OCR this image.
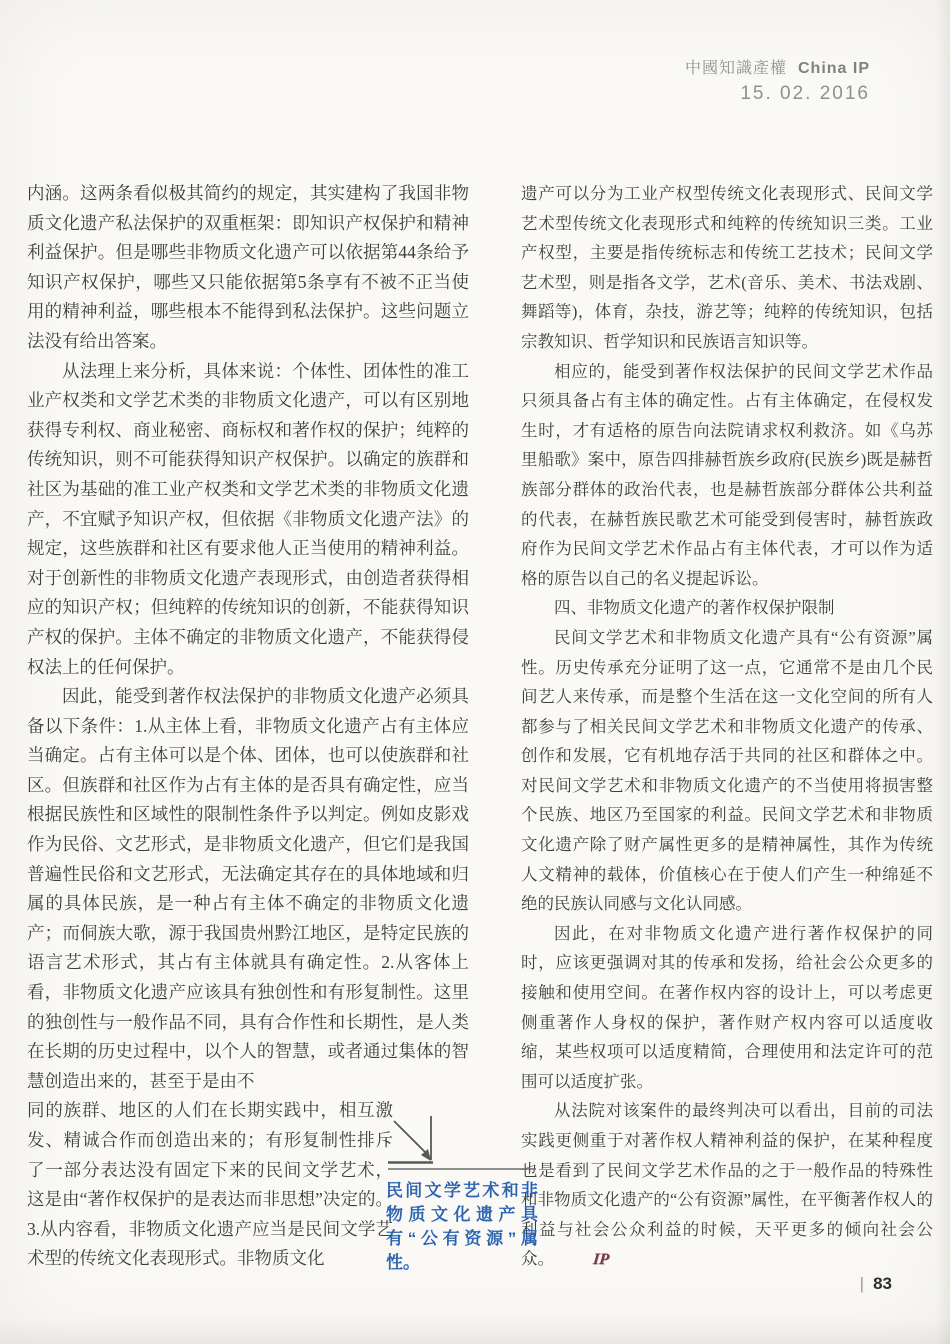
中國知識產權 China IP
15. 02. 2016

内涵。这两条看似极其简约的规定，其实建构了我国非物质文化遗产私法保护的双重框架：即知识产权保护和精神利益保护。但是哪些非物质文化遗产可以依据第44条给予知识产权保护，哪些又只能依据第5条享有不被不正当使用的精神利益，哪些根本不能得到私法保护。这些问题立法没有给出答案。

从法理上来分析，具体来说：个体性、团体性的准工业产权类和文学艺术类的非物质文化遗产，可以有区别地获得专利权、商业秘密、商标权和著作权的保护；纯粹的传统知识，则不可能获得知识产权保护。以确定的族群和社区为基础的准工业产权类和文学艺术类的非物质文化遗产，不宜赋予知识产权，但依据《非物质文化遗产法》的规定，这些族群和社区有要求他人正当使用的精神利益。对于创新性的非物质文化遗产表现形式，由创造者获得相应的知识产权；但纯粹的传统知识的创新，不能获得知识产权的保护。主体不确定的非物质文化遗产，不能获得侵权法上的任何保护。

因此，能受到著作权法保护的非物质文化遗产必须具备以下条件：1.从主体上看，非物质文化遗产占有主体应当确定。占有主体可以是个体、团体，也可以使族群和社区。但族群和社区作为占有主体的是否具有确定性，应当根据民族性和区域性的限制性条件予以判定。例如皮影戏作为民俗、文艺形式，是非物质文化遗产，但它们是我国普遍性民俗和文艺形式，无法确定其存在的具体地域和归属的具体民族，是一种占有主体不确定的非物质文化遗产；而侗族大歌，源于我国贵州黔江地区，是特定民族的语言艺术形式，其占有主体就具有确定性。2.从客体上看，非物质文化遗产应该具有独创性和有形复制性。这里的独创性与一般作品不同，具有合作性和长期性，是人类在长期的历史过程中，以个人的智慧，或者通过集体的智慧创造出来的，甚至于是由不

同的族群、地区的人们在长期实践中，相互激发、精诚合作而创造出来的；有形复制性排斥了一部分表达没有固定下来的民间文学艺术，这是由“著作权保护的是表达而非思想”决定的。3.从内容看，非物质文化遗产应当是民间文学艺术型的传统文化表现形式。非物质文化

遗产可以分为工业产权型传统文化表现形式、民间文学艺术型传统文化表现形式和纯粹的传统知识三类。工业产权型，主要是指传统标志和传统工艺技术；民间文学艺术型，则是指各文学，艺术(音乐、美术、书法戏剧、舞蹈等)，体育，杂技，游艺等；纯粹的传统知识，包括宗教知识、哲学知识和民族语言知识等。

相应的，能受到著作权法保护的民间文学艺术作品只须具备占有主体的确定性。占有主体确定，在侵权发生时，才有适格的原告向法院请求权利救济。如《乌苏里船歌》案中，原告四排赫哲族乡政府(民族乡)既是赫哲族部分群体的政治代表，也是赫哲族部分群体公共利益的代表，在赫哲族民歌艺术可能受到侵害时，赫哲族政府作为民间文学艺术作品占有主体代表，才可以作为适格的原告以自己的名义提起诉讼。

四、非物质文化遗产的著作权保护限制

民间文学艺术和非物质文化遗产具有“公有资源”属性。历史传承充分证明了这一点，它通常不是由几个民间艺人来传承，而是整个生活在这一文化空间的所有人都参与了相关民间文学艺术和非物质文化遗产的传承、创作和发展，它有机地存活于共同的社区和群体之中。对民间文学艺术和非物质文化遗产的不当使用将损害整个民族、地区乃至国家的利益。民间文学艺术和非物质文化遗产除了财产属性更多的是精神属性，其作为传统人文精神的载体，价值核心在于使人们产生一种绵延不绝的民族认同感与文化认同感。

因此，在对非物质文化遗产进行著作权保护的同时，应该更强调对其的传承和发扬，给社会公众更多的接触和使用空间。在著作权内容的设计上，可以考虑更侧重著作人身权的保护，著作财产权内容可以适度收缩，某些权项可以适度精简，合理使用和法定许可的范围可以适度扩张。

从法院对该案件的最终判决可以看出，目前的司法实践更侧重于对著作权人精神利益的保护，在某种程度也是看到了民间文学艺术作品的之于一般作品的特殊性和非物质文化遗产的“公有资源”属性，在平衡著作权人的利益与社会公众利益的时候，天平更多的倾向社会公众。 IP

民间文学艺术和非物质文化遗产具有“公有资源”属性。
| 83
